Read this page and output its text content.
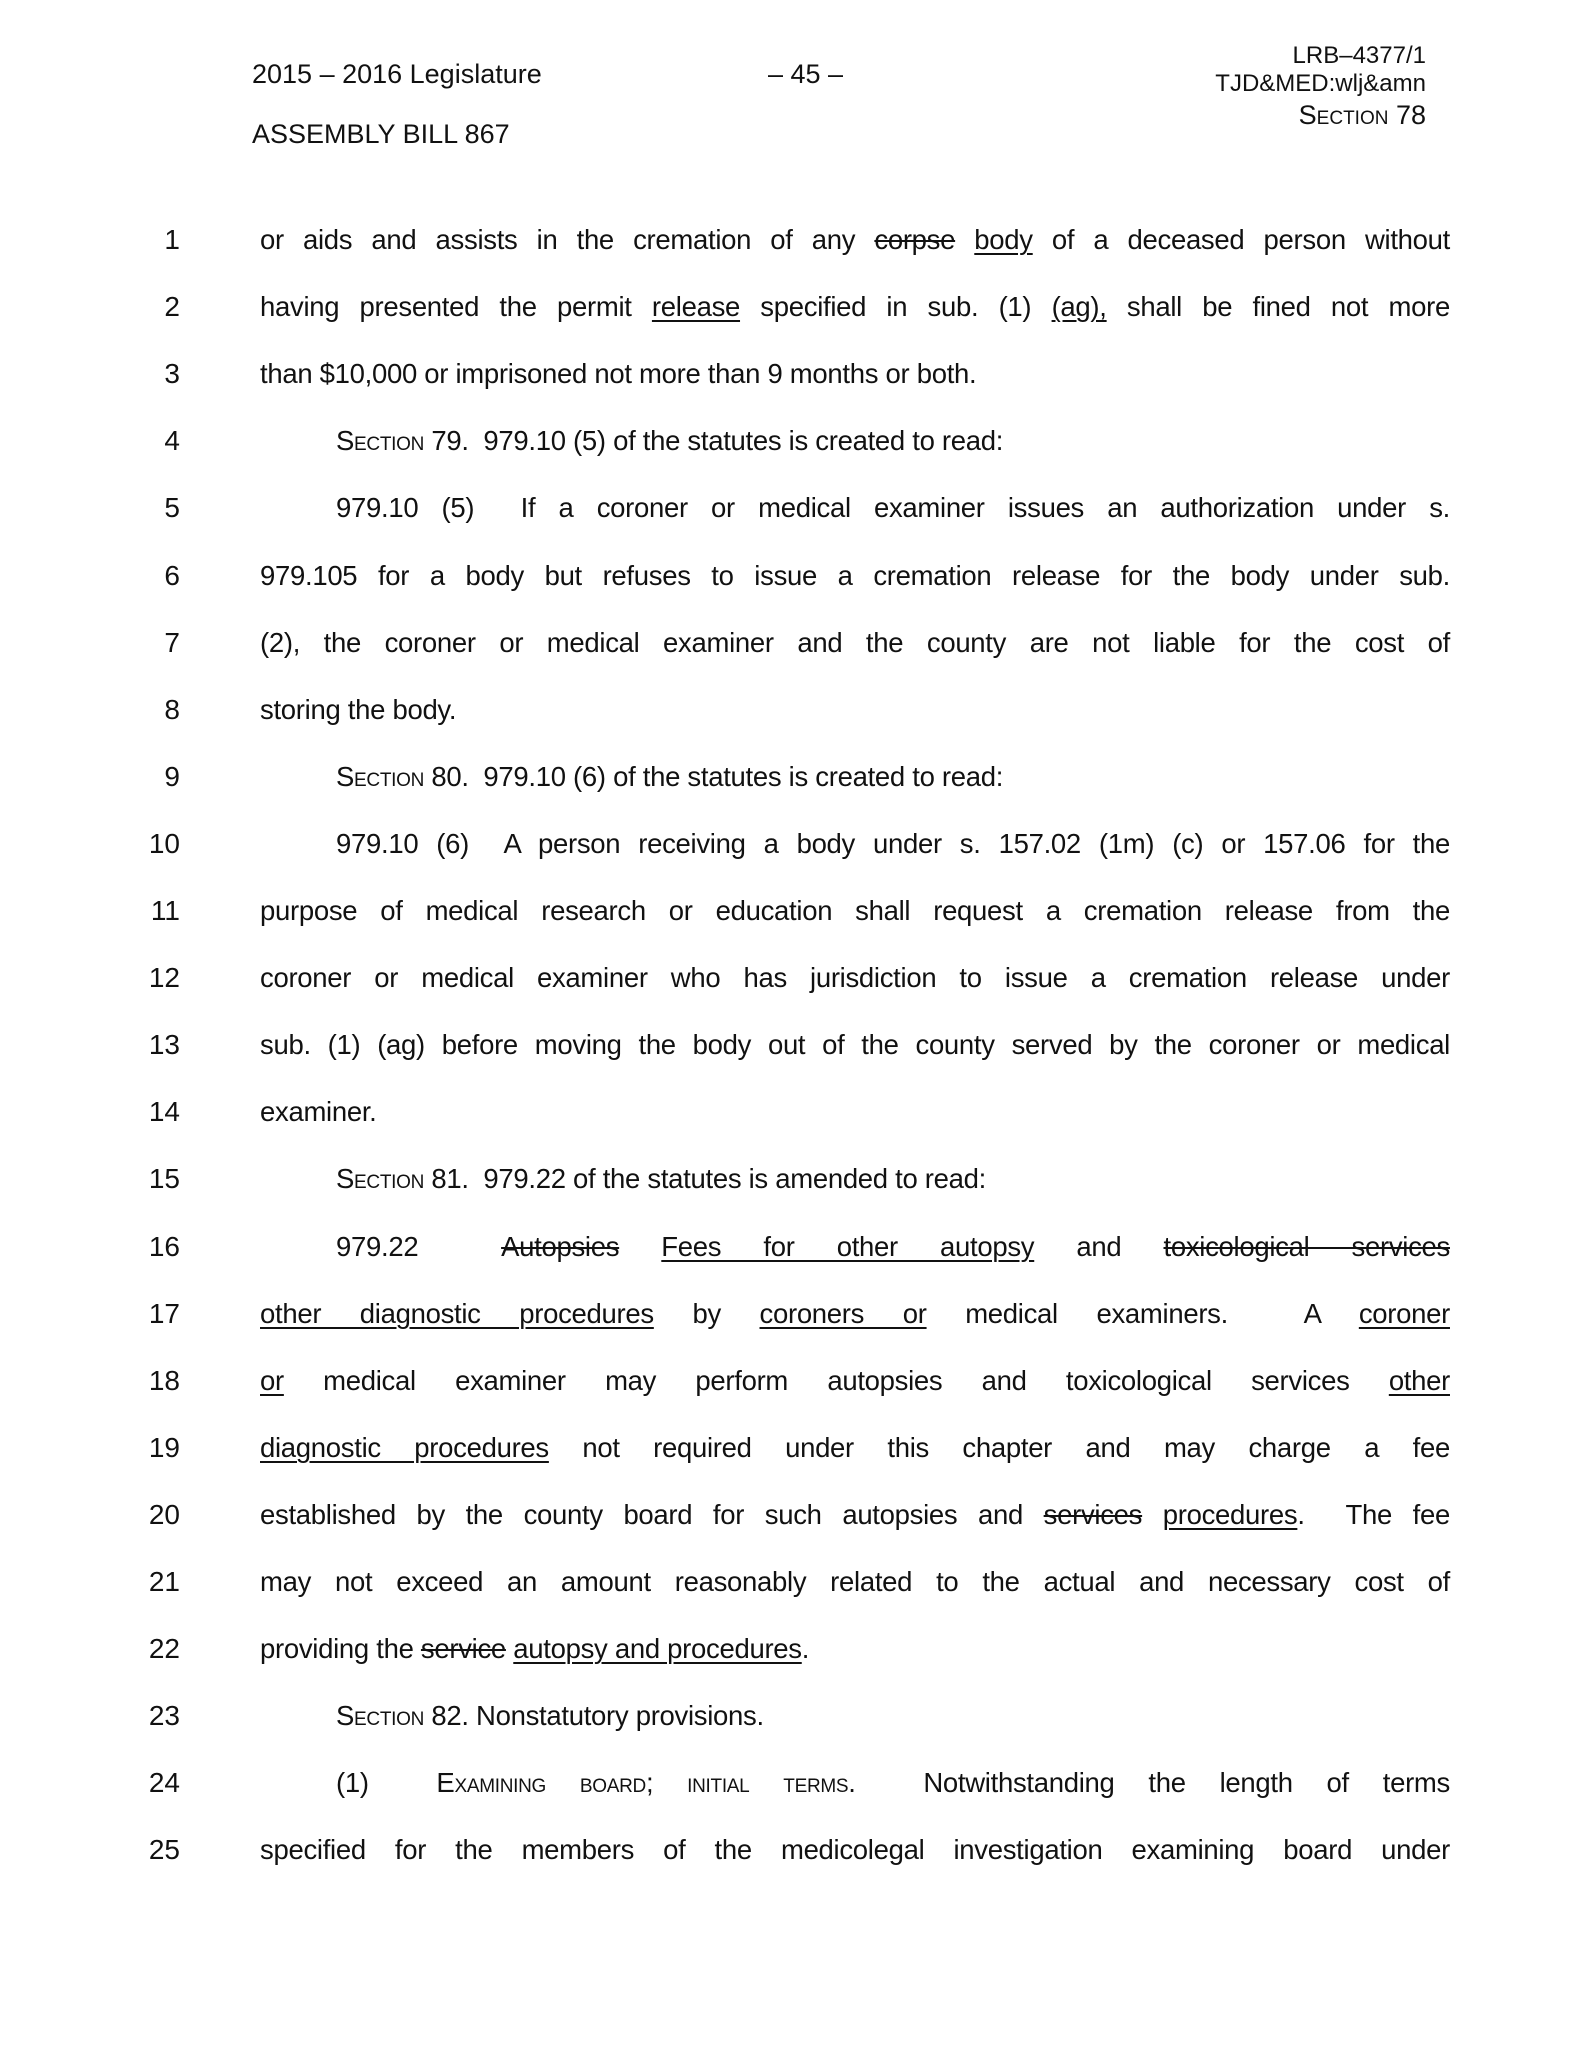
2015 – 2016 Legislature
ASSEMBLY BILL 867
– 45 –
LRB–4377/1
TJD&MED:wlj&amn
Section 78
1	or aids and assists in the cremation of any corpse body of a deceased person without
2	having presented the permit release specified in sub. (1) (ag), shall be fined not more
3	than $10,000 or imprisoned not more than 9 months or both.
4	Section 79.  979.10 (5) of the statutes is created to read:
5	979.10 (5)  If a coroner or medical examiner issues an authorization under s.
6	979.105 for a body but refuses to issue a cremation release for the body under sub.
7	(2), the coroner or medical examiner and the county are not liable for the cost of
8	storing the body.
9	Section 80.  979.10 (6) of the statutes is created to read:
10	979.10 (6)  A person receiving a body under s. 157.02 (1m) (c) or 157.06 for the
11	purpose of medical research or education shall request a cremation release from the
12	coroner or medical examiner who has jurisdiction to issue a cremation release under
13	sub. (1) (ag) before moving the body out of the county served by the coroner or medical
14	examiner.
15	Section 81.  979.22 of the statutes is amended to read:
16	979.22  Autopsies Fees for other autopsy and toxicological services
17	other diagnostic procedures by coroners or medical examiners.  A coroner
18	or medical examiner may perform autopsies and toxicological services other
19	diagnostic procedures not required under this chapter and may charge a fee
20	established by the county board for such autopsies and services procedures.  The fee
21	may not exceed an amount reasonably related to the actual and necessary cost of
22	providing the service autopsy and procedures.
23	Section 82. Nonstatutory provisions.
24	(1)  Examining board; initial terms.  Notwithstanding the length of terms
25	specified for the members of the medicolegal investigation examining board under
